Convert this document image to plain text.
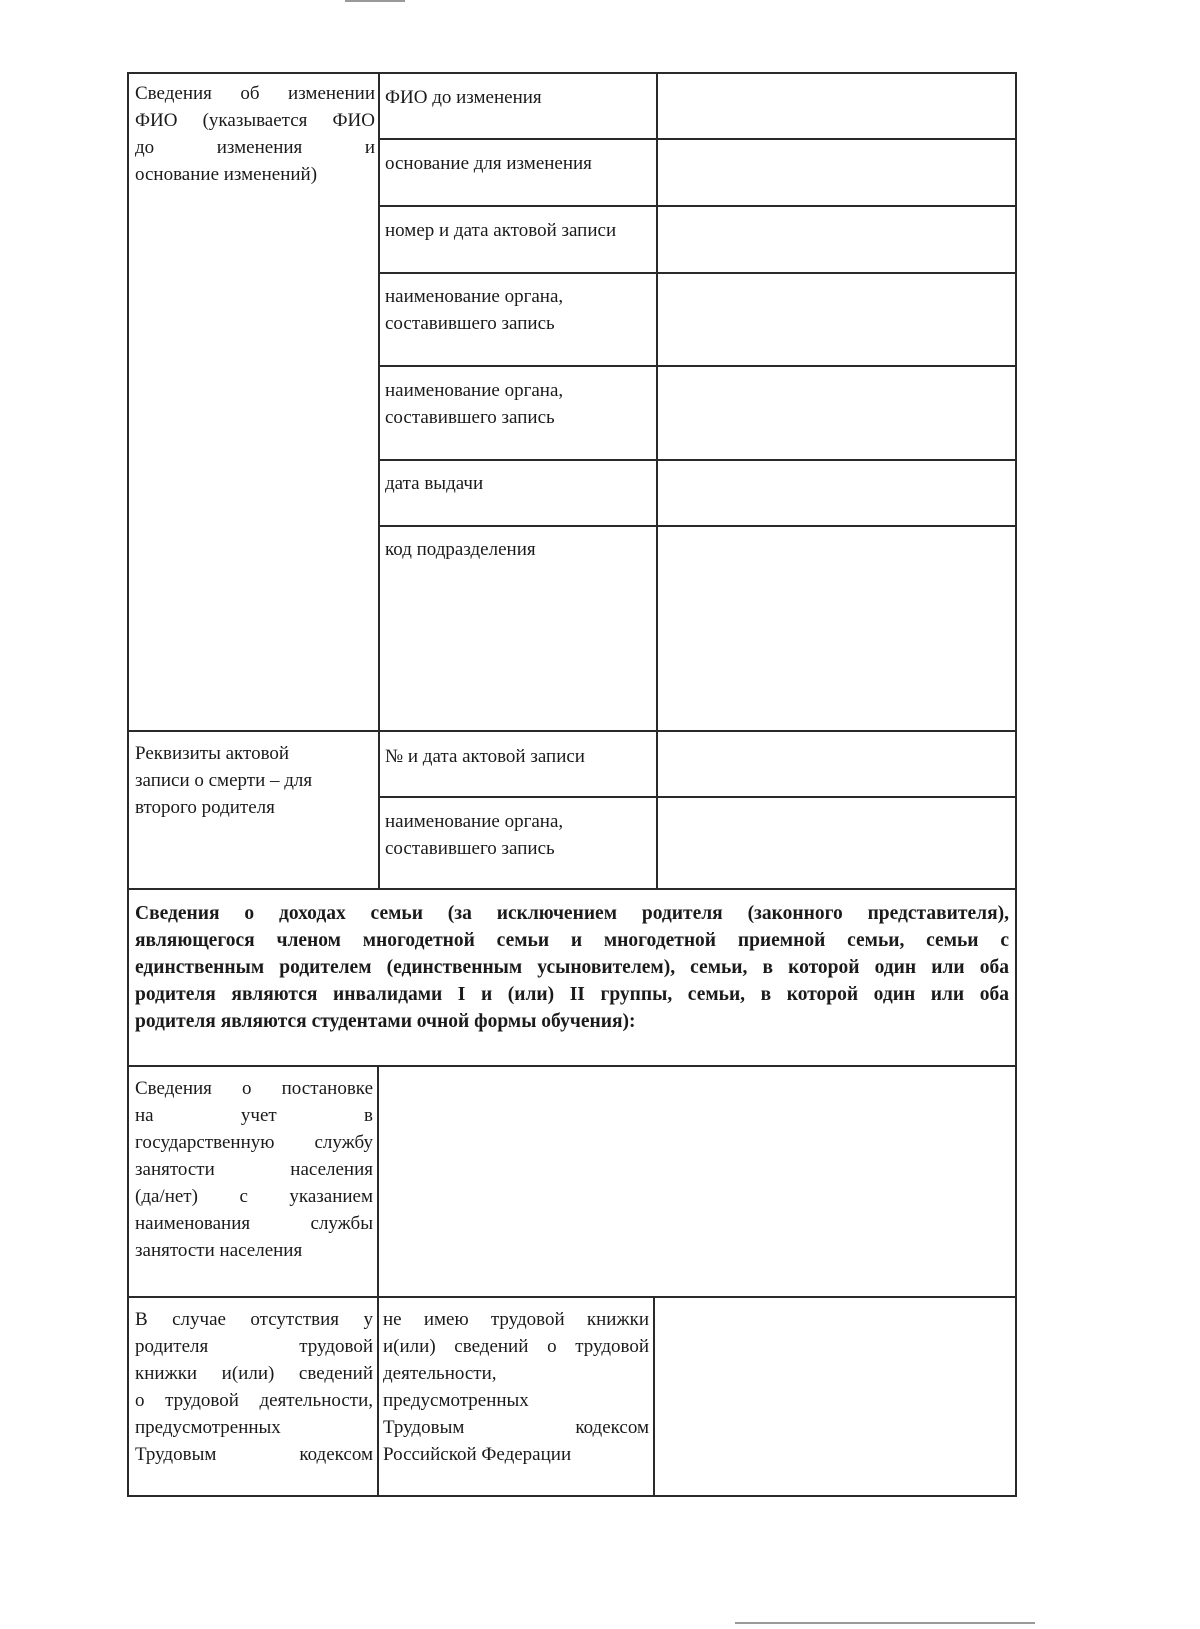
Сведения об изменении
ФИО (указывается ФИО
до изменения и
основание изменений)
ФИО до изменения
основание для изменения
номер и дата актовой записи
наименование органа,
составившего запись
наименование органа,
составившего запись
дата выдачи
код подразделения
Реквизиты актовой
записи о смерти – для
второго родителя
№ и дата актовой записи
наименование органа,
составившего запись
Сведения о доходах семьи (за исключением родителя (законного представителя),
являющегося членом многодетной семьи и многодетной приемной семьи, семьи с
единственным родителем (единственным усыновителем), семьи, в которой один или оба
родителя являются инвалидами I и (или) II группы, семьи, в которой один или оба
родителя являются студентами очной формы обучения):
Сведения о постановке
на учет в
государственную службу
занятости населения
(да/нет) с указанием
наименования службы
занятости населения
В случае отсутствия у
родителя трудовой
книжки и(или) сведений
о трудовой деятельности,
предусмотренных
Трудовым кодексом
не имею трудовой книжки
и(или) сведений о трудовой
деятельности,
предусмотренных
Трудовым кодексом
Российской Федерации
